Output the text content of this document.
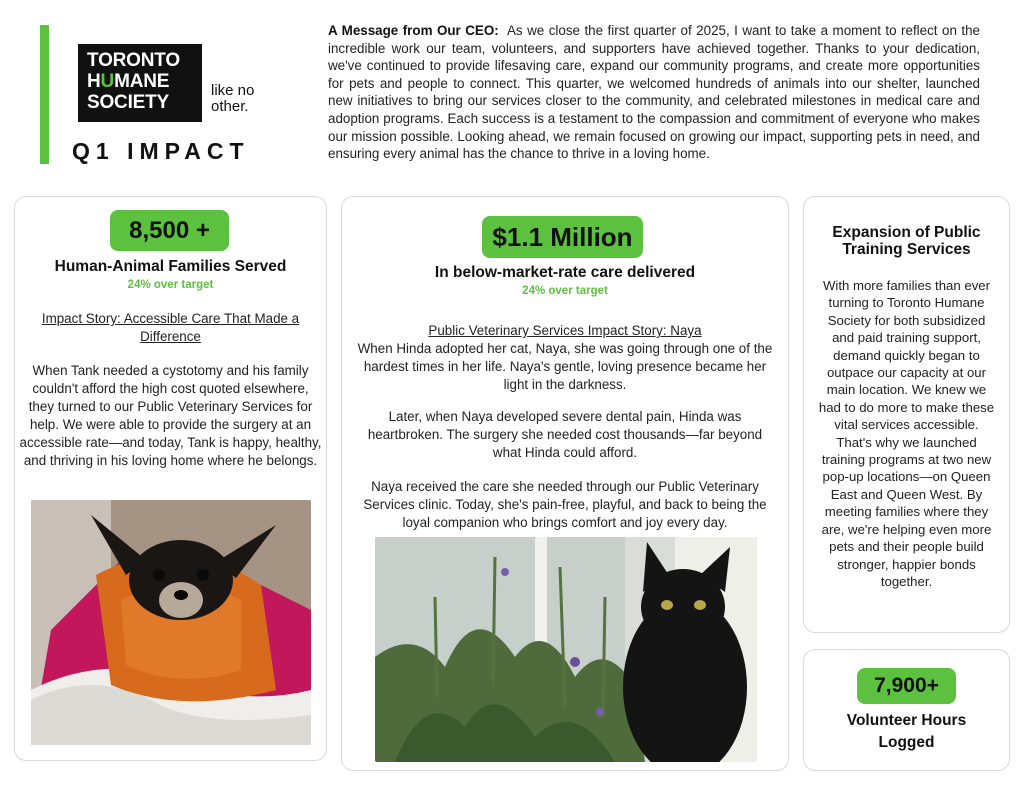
TORONTO
HUMANE
SOCIETY
like no
other.
Q1 IMPACT
A Message from Our CEO: As we close the first quarter of 2025, I want to take a moment to reflect on the incredible work our team, volunteers, and supporters have achieved together. Thanks to your dedication, we've continued to provide lifesaving care, expand our community programs, and create more opportunities for pets and people to connect. This quarter, we welcomed hundreds of animals into our shelter, launched new initiatives to bring our services closer to the community, and celebrated milestones in medical care and adoption programs. Each success is a testament to the compassion and commitment of everyone who makes our mission possible. Looking ahead, we remain focused on growing our impact, supporting pets in need, and ensuring every animal has the chance to thrive in a loving home.
8,500 +
Human-Animal Families Served
24% over target
Impact Story: Accessible Care That Made a Difference
When Tank needed a cystotomy and his family couldn't afford the high cost quoted elsewhere, they turned to our Public Veterinary Services for help. We were able to provide the surgery at an accessible rate—and today, Tank is happy, healthy, and thriving in his loving home where he belongs.
$1.1 Million
In below-market-rate care delivered
24% over target
Public Veterinary Services Impact Story: Naya
When Hinda adopted her cat, Naya, she was going through one of the hardest times in her life. Naya's gentle, loving presence became her light in the darkness.
Later, when Naya developed severe dental pain, Hinda was heartbroken. The surgery she needed cost thousands—far beyond what Hinda could afford.
Naya received the care she needed through our Public Veterinary Services clinic. Today, she's pain-free, playful, and back to being the loyal companion who brings comfort and joy every day.
Expansion of Public Training Services
With more families than ever turning to Toronto Humane Society for both subsidized and paid training support, demand quickly began to outpace our capacity at our main location. We knew we had to do more to make these vital services accessible. That's why we launched training programs at two new pop-up locations—on Queen East and Queen West. By meeting families where they are, we're helping even more pets and their people build stronger, happier bonds together.
7,900+
Volunteer Hours Logged
